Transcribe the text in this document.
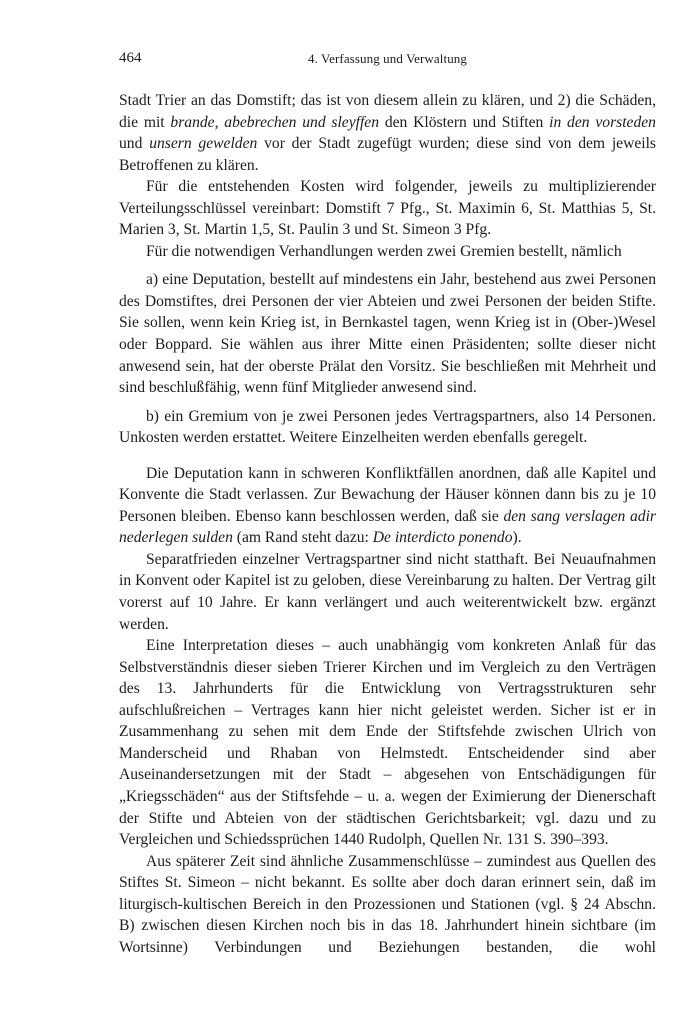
464	4. Verfassung und Verwaltung

Stadt Trier an das Domstift; das ist von diesem allein zu klären, und 2) die Schäden, die mit brande, abebrechen und sleyffen den Klöstern und Stiften in den vorsteden und unsern gewelden vor der Stadt zugefügt wurden; diese sind von dem jeweils Betroffenen zu klären.

Für die entstehenden Kosten wird folgender, jeweils zu multiplizierender Verteilungsschlüssel vereinbart: Domstift 7 Pfg., St. Maximin 6, St. Matthias 5, St. Marien 3, St. Martin 1,5, St. Paulin 3 und St. Simeon 3 Pfg.

Für die notwendigen Verhandlungen werden zwei Gremien bestellt, nämlich

a) eine Deputation, bestellt auf mindestens ein Jahr, bestehend aus zwei Personen des Domstiftes, drei Personen der vier Abteien und zwei Personen der beiden Stifte. Sie sollen, wenn kein Krieg ist, in Bernkastel tagen, wenn Krieg ist in (Ober-)Wesel oder Boppard. Sie wählen aus ihrer Mitte einen Präsidenten; sollte dieser nicht anwesend sein, hat der oberste Prälat den Vorsitz. Sie beschließen mit Mehrheit und sind beschlußfähig, wenn fünf Mitglieder anwesend sind.

b) ein Gremium von je zwei Personen jedes Vertragspartners, also 14 Personen. Unkosten werden erstattet. Weitere Einzelheiten werden ebenfalls geregelt.

Die Deputation kann in schweren Konfliktfällen anordnen, daß alle Kapitel und Konvente die Stadt verlassen. Zur Bewachung der Häuser können dann bis zu je 10 Personen bleiben. Ebenso kann beschlossen werden, daß sie den sang verslagen adir nederlegen sulden (am Rand steht dazu: De interdicto ponendo).

Separatfrieden einzelner Vertragspartner sind nicht statthaft. Bei Neuaufnahmen in Konvent oder Kapitel ist zu geloben, diese Vereinbarung zu halten. Der Vertrag gilt vorerst auf 10 Jahre. Er kann verlängert und auch weiterentwickelt bzw. ergänzt werden.

Eine Interpretation dieses – auch unabhängig vom konkreten Anlaß für das Selbstverständnis dieser sieben Trierer Kirchen und im Vergleich zu den Verträgen des 13. Jahrhunderts für die Entwicklung von Vertragsstrukturen sehr aufschlußreichen – Vertrages kann hier nicht geleistet werden. Sicher ist er in Zusammenhang zu sehen mit dem Ende der Stiftsfehde zwischen Ulrich von Manderscheid und Rhaban von Helmstedt. Entscheidender sind aber Auseinandersetzungen mit der Stadt – abgesehen von Entschädigungen für „Kriegsschäden“ aus der Stiftsfehde – u. a. wegen der Eximierung der Dienerschaft der Stifte und Abteien von der städtischen Gerichtsbarkeit; vgl. dazu und zu Vergleichen und Schiedssprüchen 1440 Rudolph, Quellen Nr. 131 S. 390–393.

Aus späterer Zeit sind ähnliche Zusammenschlüsse – zumindest aus Quellen des Stiftes St. Simeon – nicht bekannt. Es sollte aber doch daran erinnert sein, daß im liturgisch-kultischen Bereich in den Prozessionen und Stationen (vgl. § 24 Abschn. B) zwischen diesen Kirchen noch bis in das 18. Jahrhundert hinein sichtbare (im Wortsinne) Verbindungen und Beziehungen bestanden, die wohl
